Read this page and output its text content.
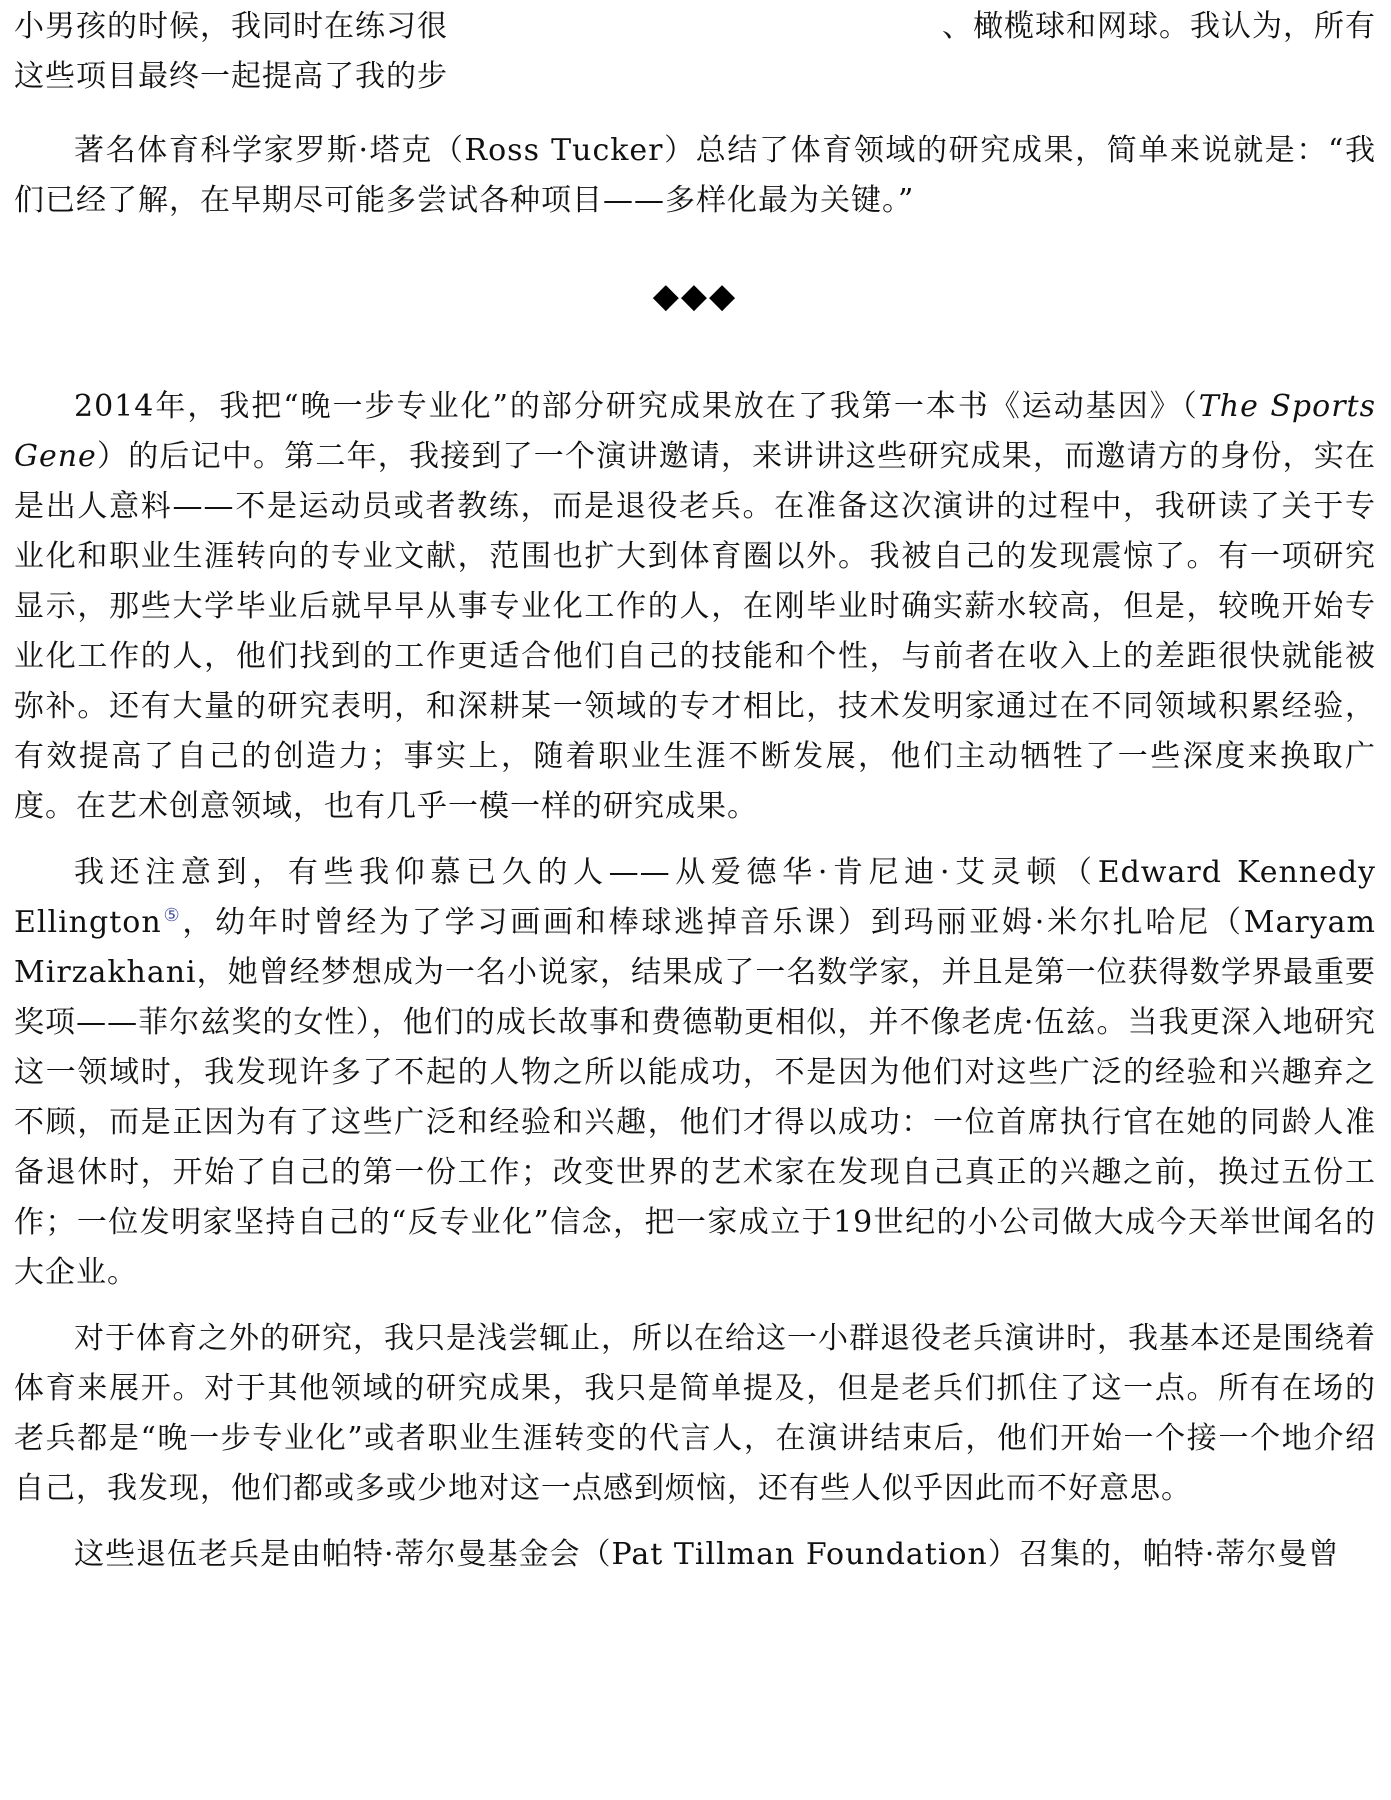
小男孩的时候，我同时在练习很	、橄榄球和网球。我认为，所有
这些项目最终一起提高了我的步

著名体育科学家罗斯·塔克（Ross Tucker）总结了体育领域的研究成果，简单来说就是：“我们已经了解，在早期尽可能多尝试各种项目——多样化最为关键。”

◆◆◆

2014年，我把“晚一步专业化”的部分研究成果放在了我第一本书《运动基因》（The Sports Gene）的后记中。第二年，我接到了一个演讲邀请，来讲讲这些研究成果，而邀请方的身份，实在是出人意料——不是运动员或者教练，而是退役老兵。在准备这次演讲的过程中，我研读了关于专业化和职业生涯转向的专业文献，范围也扩大到体育圈以外。我被自己的发现震惊了。有一项研究显示，那些大学毕业后就早早从事专业化工作的人，在刚毕业时确实薪水较高，但是，较晚开始专业化工作的人，他们找到的工作更适合他们自己的技能和个性，与前者在收入上的差距很快就能被弥补。还有大量的研究表明，和深耕某一领域的专才相比，技术发明家通过在不同领域积累经验，有效提高了自己的创造力；事实上，随着职业生涯不断发展，他们主动牺牲了一些深度来换取广度。在艺术创意领域，也有几乎一模一样的研究成果。

我还注意到，有些我仰慕已久的人——从爱德华·肯尼迪·艾灵顿（Edward Kennedy Ellington⑤，幼年时曾经为了学习画画和棒球逃掉音乐课）到玛丽亚姆·米尔扎哈尼（Maryam Mirzakhani，她曾经梦想成为一名小说家，结果成了一名数学家，并且是第一位获得数学界最重要奖项——菲尔兹奖的女性），他们的成长故事和费德勒更相似，并不像老虎·伍兹。当我更深入地研究这一领域时，我发现许多了不起的人物之所以能成功，不是因为他们对这些广泛的经验和兴趣弃之不顾，而是正因为有了这些广泛和经验和兴趣，他们才得以成功：一位首席执行官在她的同龄人准备退休时，开始了自己的第一份工作；改变世界的艺术家在发现自己真正的兴趣之前，换过五份工作；一位发明家坚持自己的“反专业化”信念，把一家成立于19世纪的小公司做大成今天举世闻名的大企业。

对于体育之外的研究，我只是浅尝辄止，所以在给这一小群退役老兵演讲时，我基本还是围绕着体育来展开。对于其他领域的研究成果，我只是简单提及，但是老兵们抓住了这一点。所有在场的老兵都是“晚一步专业化”或者职业生涯转变的代言人，在演讲结束后，他们开始一个接一个地介绍自己，我发现，他们都或多或少地对这一点感到烦恼，还有些人似乎因此而不好意思。

这些退伍老兵是由帕特·蒂尔曼基金会（Pat Tillman Foundation）召集的，帕特·蒂尔曼曾
